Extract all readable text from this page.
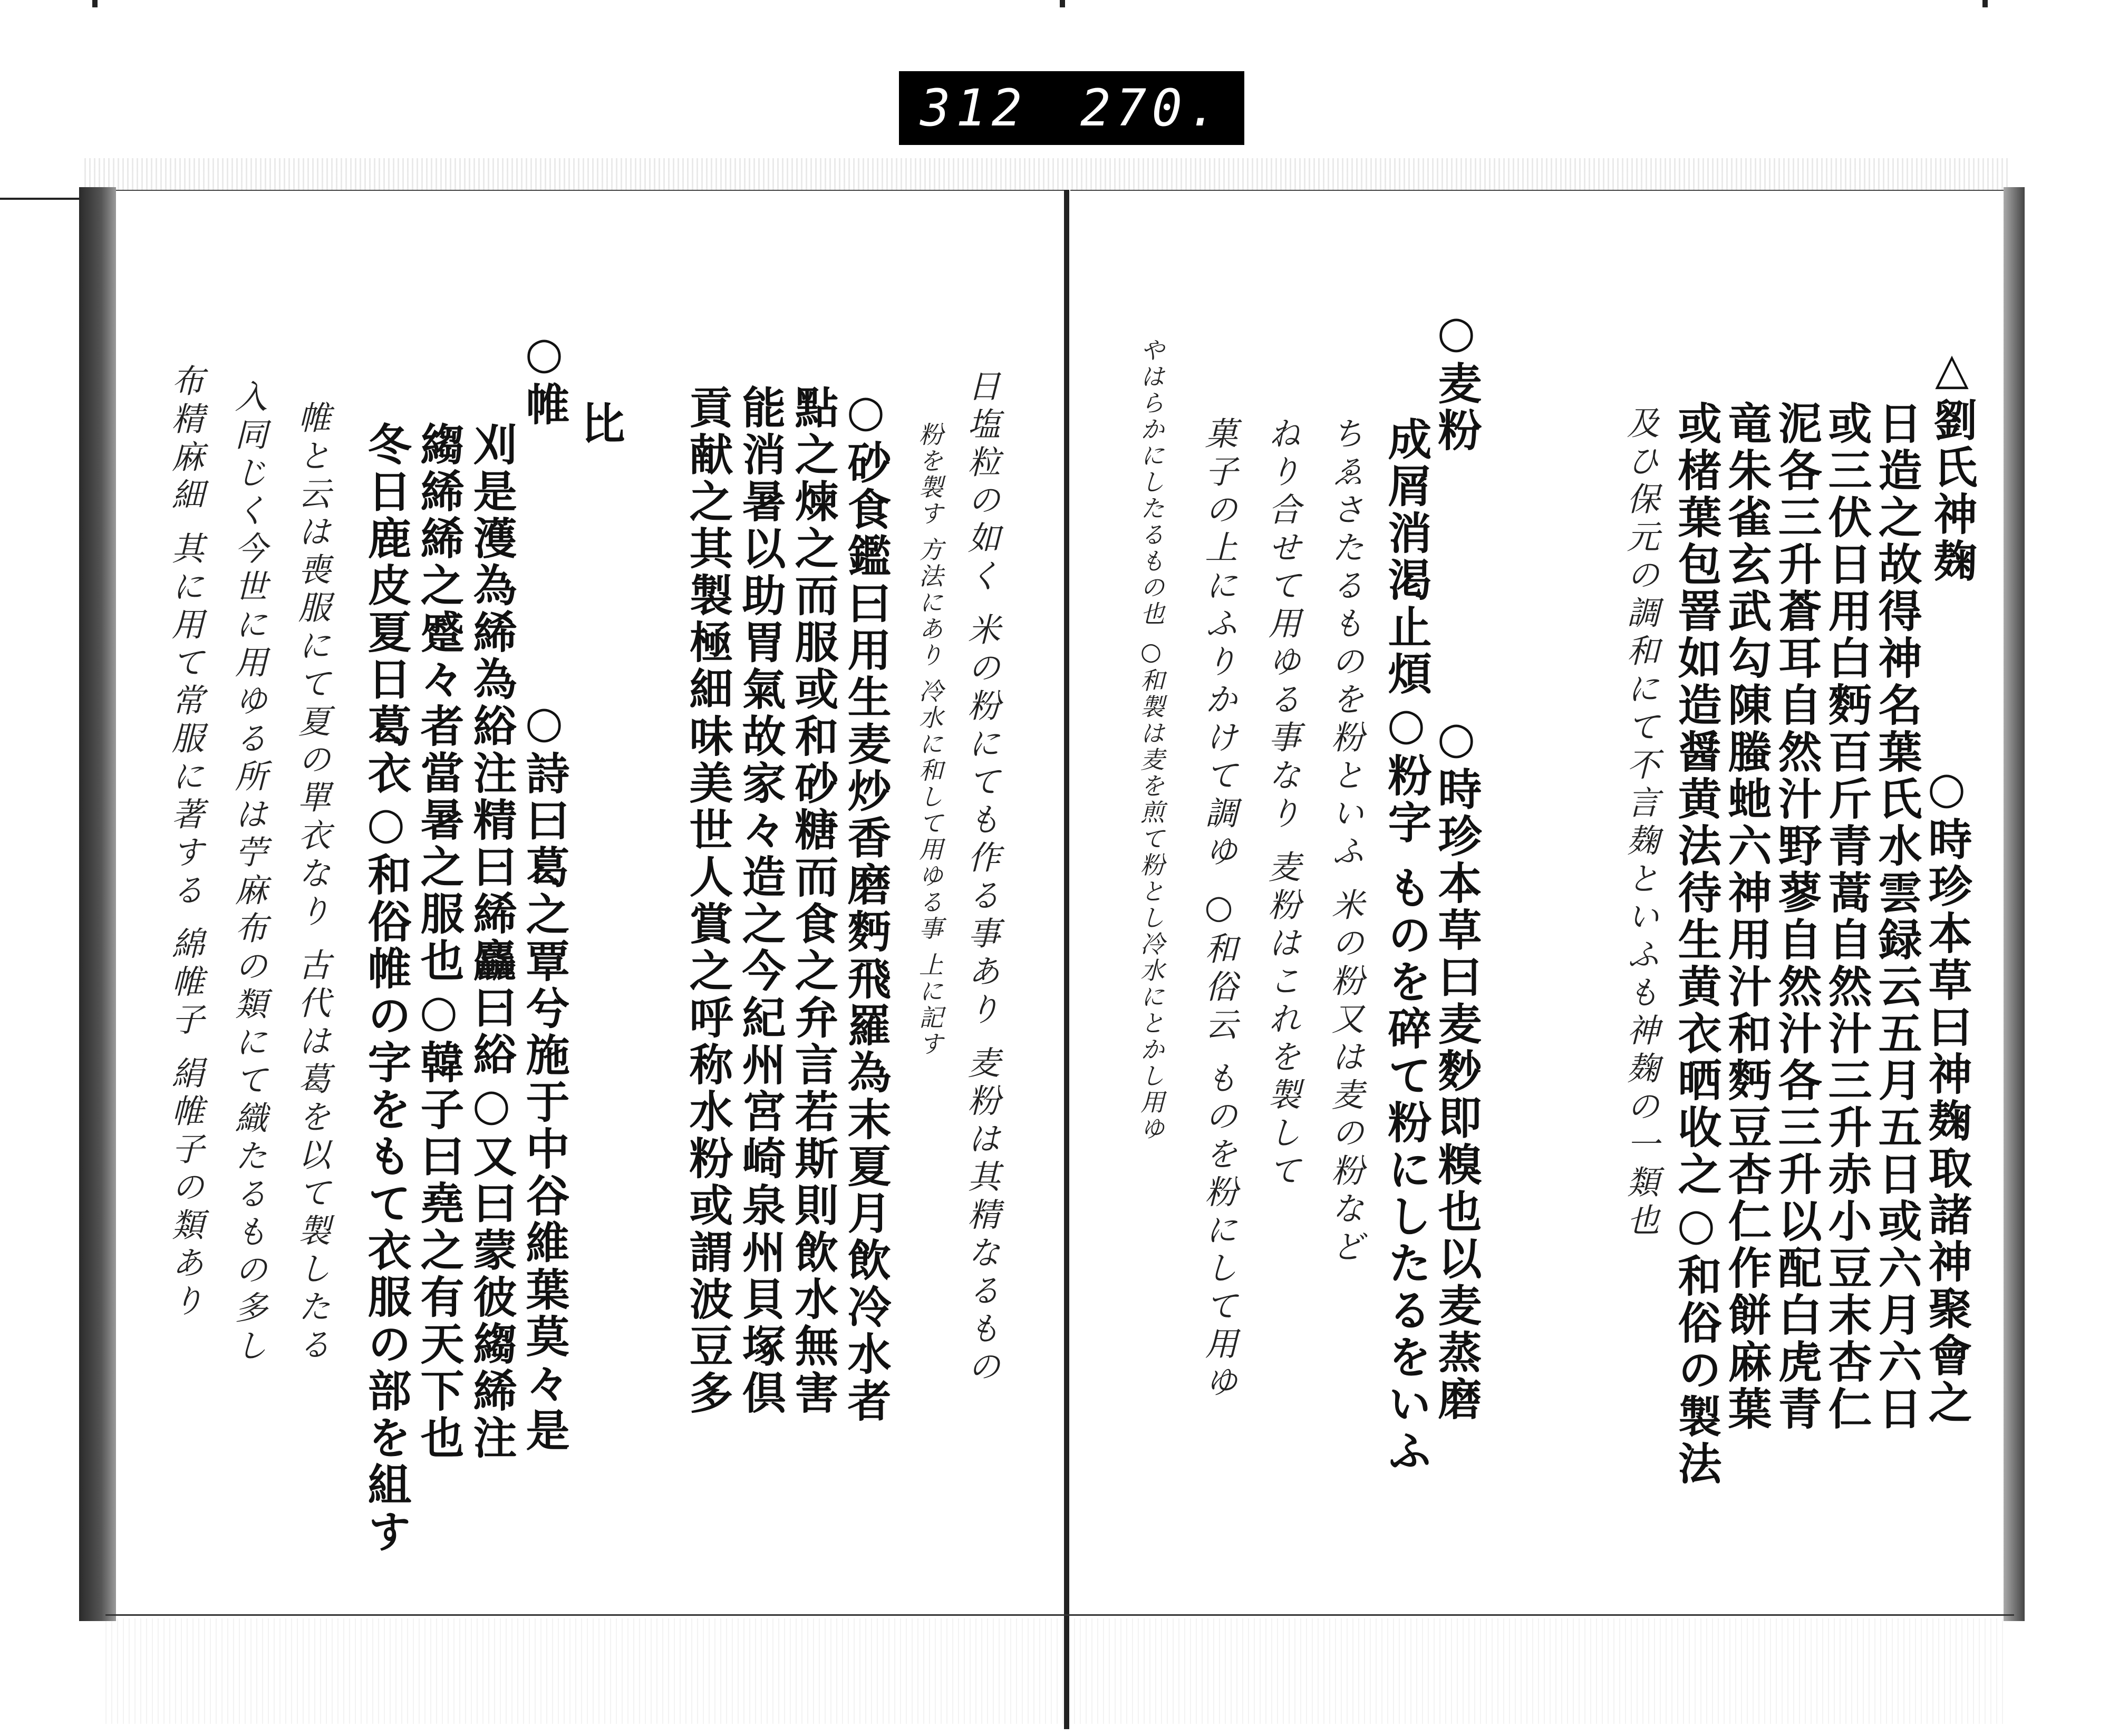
312 270.
△劉氏神麹
○時珍本草曰神麹取諸神聚會之
日造之故得神名葉氏水雲録云五月五日或六月六日
或三伏日用白麪百斤青蒿自然汁三升赤小豆末杏仁
泥各三升蒼耳自然汁野蓼自然汁各三升以配白虎青
竜朱雀玄武勾陳螣虵六神用汁和麪豆杏仁作餅麻葉
或楮葉包罯如造醤黄法待生黄衣晒收之○和俗の製法
及ひ保元の調和にて不言麹といふも神麹の一類也
○麦粉
○時珍本草曰麦麨即糗也以麦蒸磨
成屑消渇止煩○粉字 ものを碎て粉にしたるをいふ
ちゑさたるものを粉といふ 米の粉又は麦の粉など
ねり合せて用ゆる事なり 麦粉はこれを製して
菓子の上にふりかけて調ゆ ○和俗云 ものを粉にして用ゆ
やはらかにしたるもの也 ○和製は麦を煎て粉とし冷水にとかし用ゆ
日塩粒の如く 米の粉にても作る事あり 麦粉は其精なるもの
粉を製す 方法にあり 冷水に和して用ゆる事 上に記す
○砂食鑑曰用生麦炒香磨麪飛羅為末夏月飲冷水者
點之煉之而服或和砂糖而食之弁言若斯則飲水無害
能消暑以助胃氣故家々造之今紀州宮崎泉州貝塚倶
貢献之其製極細味美世人賞之呼称水粉或謂波豆多
比
○帷
○詩曰葛之覃兮施于中谷維葉莫々是
刈是濩為絺為綌注精曰絺麤曰綌○又曰蒙彼縐絺注
縐絺絺之蹙々者當暑之服也○韓子曰堯之有天下也
冬日鹿皮夏日葛衣○和俗帷の字をもて衣服の部を組す
帷と云は喪服にて夏の單衣なり 古代は葛を以て製したる
入同じく今世に用ゆる所は苧麻布の類にて織たるもの多し
布精麻細 其に用て常服に著する 綿帷子 絹帷子の類あり
